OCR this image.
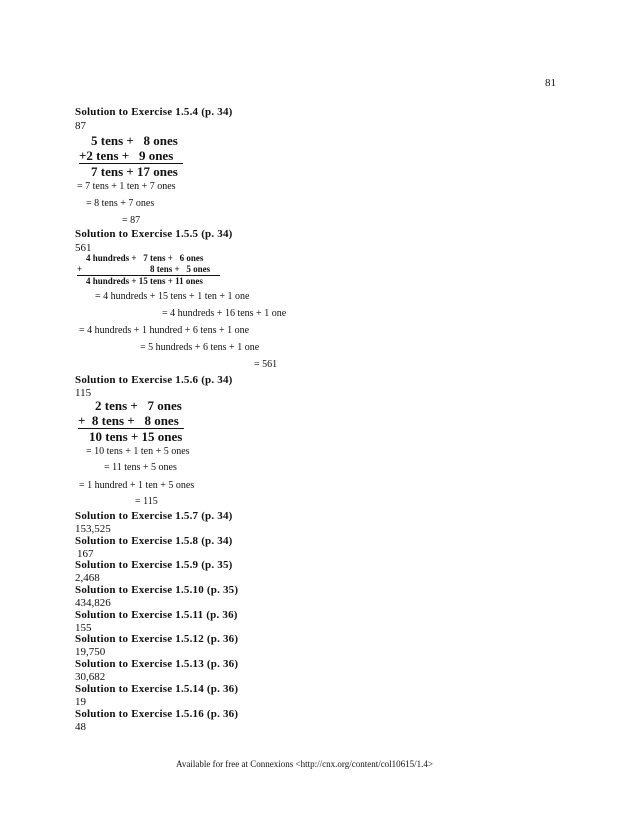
81
Solution to Exercise 1.5.4 (p. 34)
87
5 tens +   8 ones
+2 tens +   9 ones
7 tens + 17 ones
= 7 tens + 1 ten + 7 ones
= 8 tens + 7 ones
= 87
Solution to Exercise 1.5.5 (p. 34)
561
4 hundreds +   7 tens +   6 ones
+	8 tens +   5 ones
4 hundreds + 15 tens + 11 ones
= 4 hundreds + 15 tens + 1 ten + 1 one
= 4 hundreds + 16 tens + 1 one
= 4 hundreds + 1 hundred + 6 tens + 1 one
= 5 hundreds + 6 tens + 1 one
= 561
Solution to Exercise 1.5.6 (p. 34)
115
2 tens +   7 ones
+  8 tens +   8 ones
10 tens + 15 ones
= 10 tens + 1 ten + 5 ones
= 11 tens + 5 ones
= 1 hundred + 1 ten + 5 ones
= 115
Solution to Exercise 1.5.7 (p. 34)
153,525
Solution to Exercise 1.5.8 (p. 34)
167
Solution to Exercise 1.5.9 (p. 35)
2,468
Solution to Exercise 1.5.10 (p. 35)
434,826
Solution to Exercise 1.5.11 (p. 36)
155
Solution to Exercise 1.5.12 (p. 36)
19,750
Solution to Exercise 1.5.13 (p. 36)
30,682
Solution to Exercise 1.5.14 (p. 36)
19
Solution to Exercise 1.5.16 (p. 36)
48
Available for free at Connexions <http://cnx.org/content/col10615/1.4>
